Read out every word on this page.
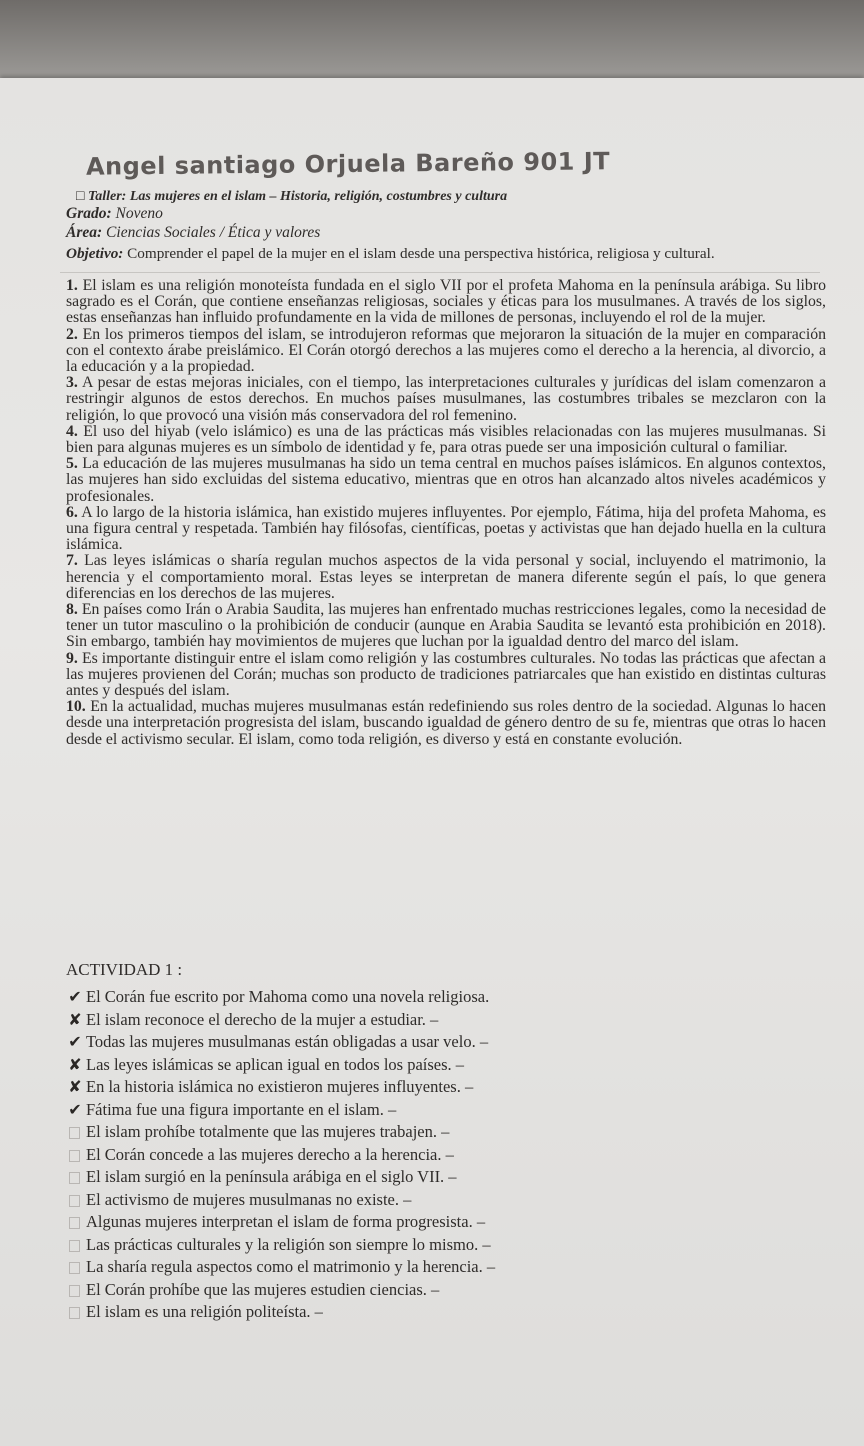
Angel santiago Orjuela Bareño 901 JT
□ Taller: Las mujeres en el islam – Historia, religión, costumbres y cultura
Grado: Noveno
Área: Ciencias Sociales / Ética y valores
Objetivo: Comprender el papel de la mujer en el islam desde una perspectiva histórica, religiosa y cultural.

1. El islam es una religión monoteísta fundada en el siglo VII por el profeta Mahoma en la península arábiga. Su libro sagrado es el Corán, que contiene enseñanzas religiosas, sociales y éticas para los musulmanes. A través de los siglos, estas enseñanzas han influido profundamente en la vida de millones de personas, incluyendo el rol de la mujer.

2. En los primeros tiempos del islam, se introdujeron reformas que mejoraron la situación de la mujer en comparación con el contexto árabe preislámico. El Corán otorgó derechos a las mujeres como el derecho a la herencia, al divorcio, a la educación y a la propiedad.

3. A pesar de estas mejoras iniciales, con el tiempo, las interpretaciones culturales y jurídicas del islam comenzaron a restringir algunos de estos derechos. En muchos países musulmanes, las costumbres tribales se mezclaron con la religión, lo que provocó una visión más conservadora del rol femenino.

4. El uso del hiyab (velo islámico) es una de las prácticas más visibles relacionadas con las mujeres musulmanas. Si bien para algunas mujeres es un símbolo de identidad y fe, para otras puede ser una imposición cultural o familiar.

5. La educación de las mujeres musulmanas ha sido un tema central en muchos países islámicos. En algunos contextos, las mujeres han sido excluidas del sistema educativo, mientras que en otros han alcanzado altos niveles académicos y profesionales.

6. A lo largo de la historia islámica, han existido mujeres influyentes. Por ejemplo, Fátima, hija del profeta Mahoma, es una figura central y respetada. También hay filósofas, científicas, poetas y activistas que han dejado huella en la cultura islámica.

7. Las leyes islámicas o sharía regulan muchos aspectos de la vida personal y social, incluyendo el matrimonio, la herencia y el comportamiento moral. Estas leyes se interpretan de manera diferente según el país, lo que genera diferencias en los derechos de las mujeres.

8. En países como Irán o Arabia Saudita, las mujeres han enfrentado muchas restricciones legales, como la necesidad de tener un tutor masculino o la prohibición de conducir (aunque en Arabia Saudita se levantó esta prohibición en 2018). Sin embargo, también hay movimientos de mujeres que luchan por la igualdad dentro del marco del islam.

9. Es importante distinguir entre el islam como religión y las costumbres culturales. No todas las prácticas que afectan a las mujeres provienen del Corán; muchas son producto de tradiciones patriarcales que han existido en distintas culturas antes y después del islam.

10. En la actualidad, muchas mujeres musulmanas están redefiniendo sus roles dentro de la sociedad. Algunas lo hacen desde una interpretación progresista del islam, buscando igualdad de género dentro de su fe, mientras que otras lo hacen desde el activismo secular. El islam, como toda religión, es diverso y está en constante evolución.

ACTIVIDAD 1 :
✔ El Corán fue escrito por Mahoma como una novela religiosa.
✘ El islam reconoce el derecho de la mujer a estudiar. –
✔ Todas las mujeres musulmanas están obligadas a usar velo. –
✘ Las leyes islámicas se aplican igual en todos los países. –
✘ En la historia islámica no existieron mujeres influyentes. –
✔ Fátima fue una figura importante en el islam. –
El islam prohíbe totalmente que las mujeres trabajen. –
El Corán concede a las mujeres derecho a la herencia. –
El islam surgió en la península arábiga en el siglo VII. –
El activismo de mujeres musulmanas no existe. –
Algunas mujeres interpretan el islam de forma progresista. –
Las prácticas culturales y la religión son siempre lo mismo. –
La sharía regula aspectos como el matrimonio y la herencia. –
El Corán prohíbe que las mujeres estudien ciencias. –
El islam es una religión politeísta. –
